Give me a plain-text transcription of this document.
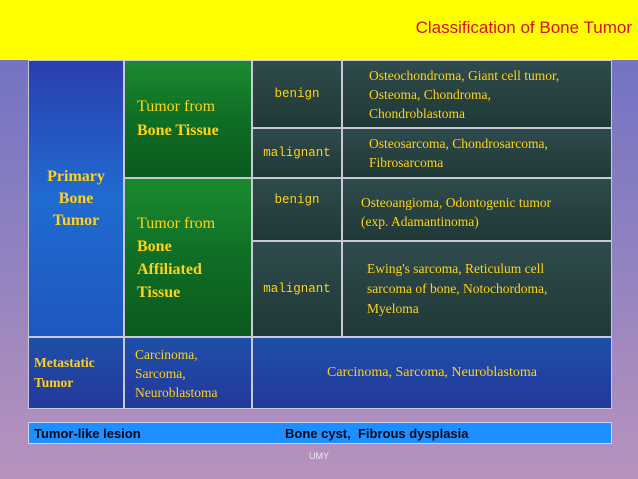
Classification of Bone Tumor
Primary
Bone
Tumor
Tumor from
Bone Tissue
Tumor from
Bone
Affiliated
Tissue
benign
malignant
benign
malignant
Osteochondroma, Giant cell tumor,
Osteoma, Chondroma,
Chondroblastoma
Osteosarcoma, Chondrosarcoma,
Fibrosarcoma
Osteoangioma, Odontogenic tumor
(exp. Adamantinoma)
Ewing's sarcoma, Reticulum cell
sarcoma of bone, Notochordoma,
Myeloma
Metastatic
Tumor
Carcinoma,
Sarcoma,
Neuroblastoma
Carcinoma, Sarcoma, Neuroblastoma
Tumor-like lesion	Bone cyst,  Fibrous dysplasia
UMY
